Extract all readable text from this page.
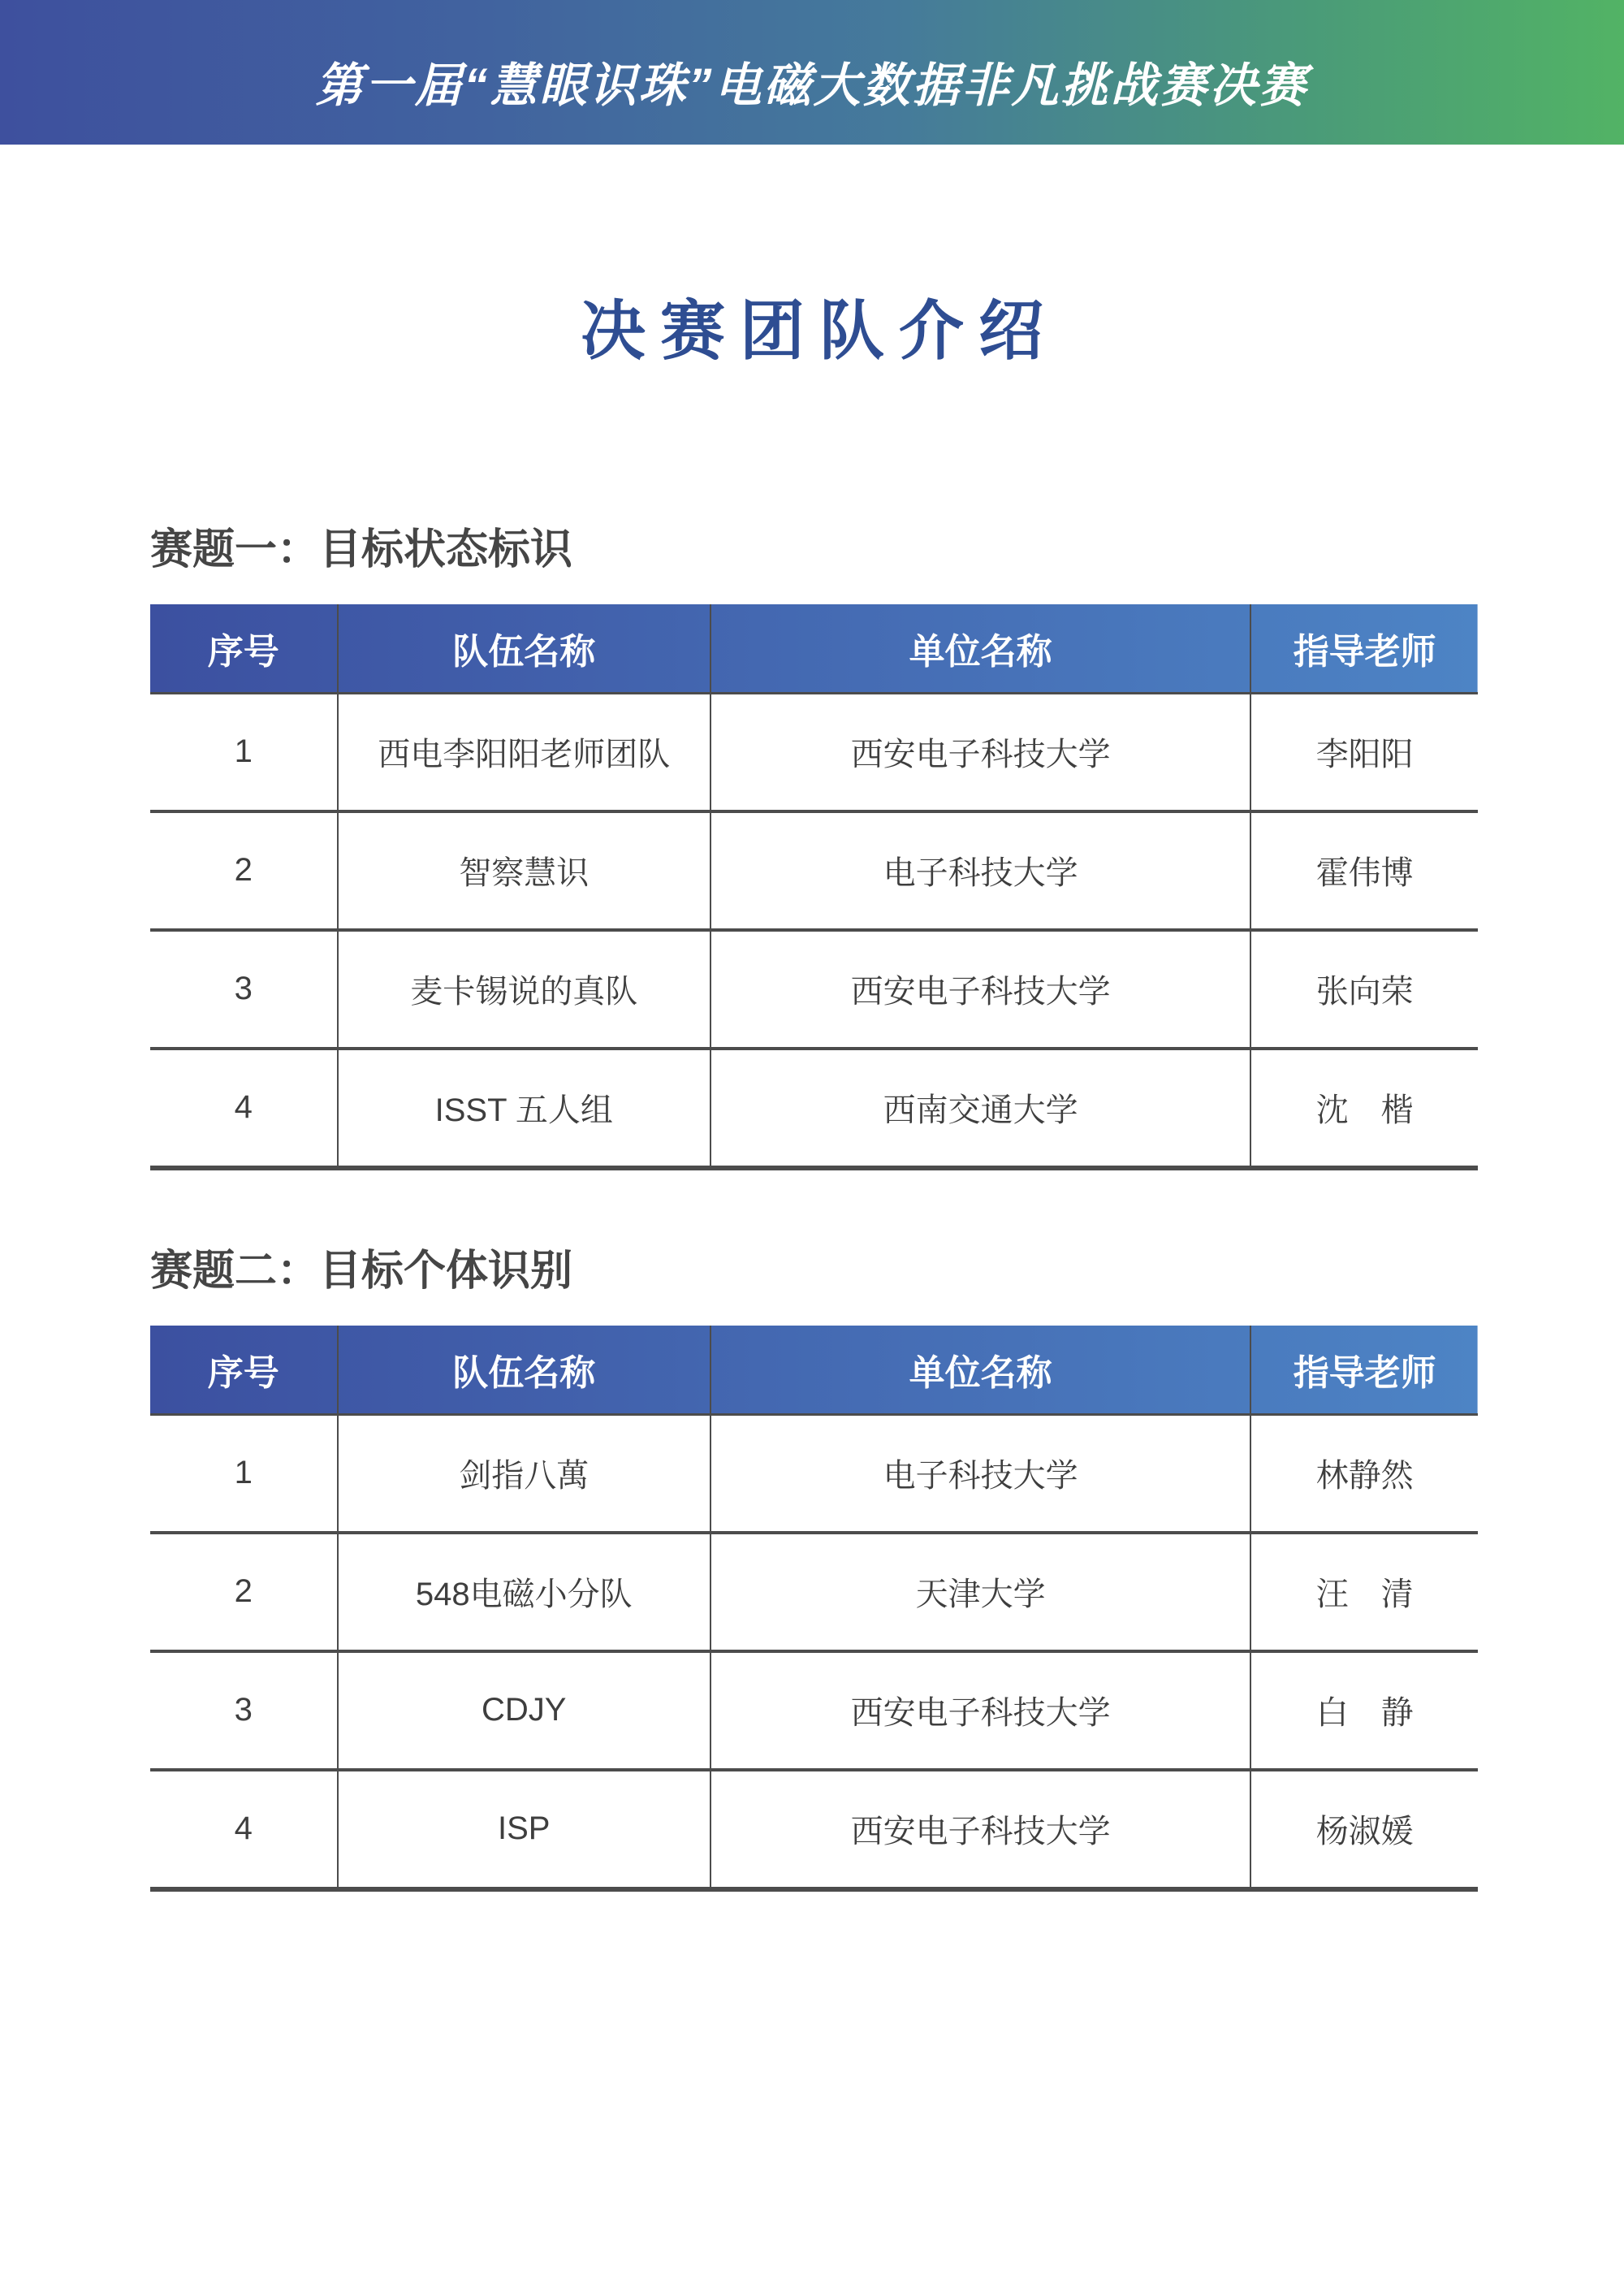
第一届“慧眼识珠”电磁大数据非凡挑战赛决赛
决赛团队介绍
赛题一：目标状态标识
序号	队伍名称	单位名称	指导老师
1	西电李阳阳老师团队	西安电子科技大学	李阳阳
2	智察慧识	电子科技大学	霍伟博
3	麦卡锡说的真队	西安电子科技大学	张向荣
4	ISST 五人组	西南交通大学	沈　楷
赛题二：目标个体识别
序号	队伍名称	单位名称	指导老师
1	剑指八萬	电子科技大学	林静然
2	548电磁小分队	天津大学	汪　清
3	CDJY	西安电子科技大学	白　静
4	ISP	西安电子科技大学	杨淑媛
